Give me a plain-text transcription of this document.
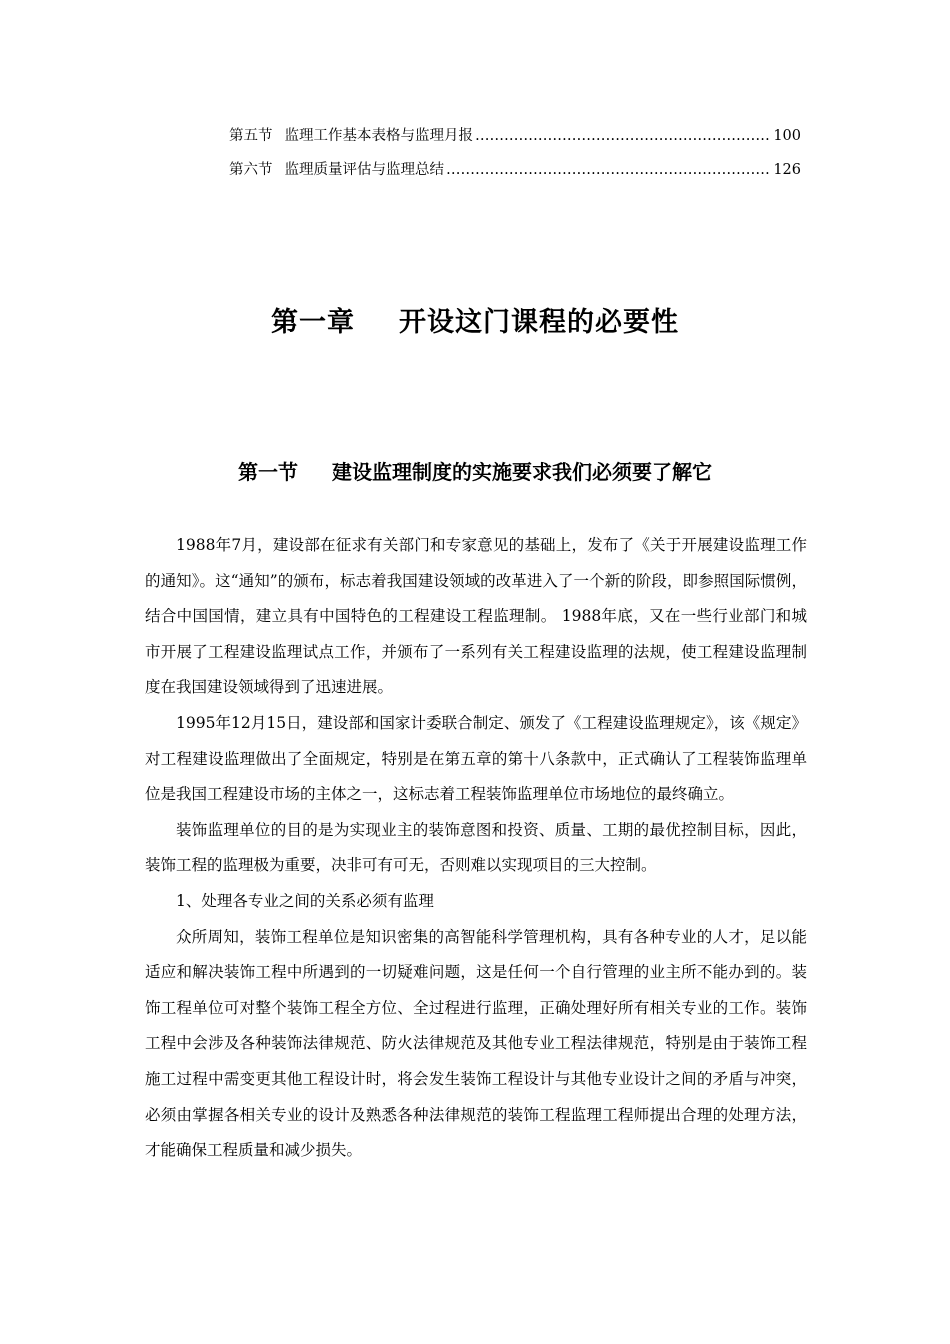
第五节 监理工作基本表格与监理月报 ……………………………………………………………………………………………………………………	100
第六节 监理质量评估与监理总结 ……………………………………………………………………………………………………………………	126
第一章 开设这门课程的必要性
第一节 建设监理制度的实施要求我们必须要了解它

1988年7月，建设部在征求有关部门和专家意见的基础上，发布了《关于开展建设监理工作的通知》。这“通知”的颁布，标志着我国建设领域的改革进入了一个新的阶段，即参照国际惯例，结合中国国情，建立具有中国特色的工程建设工程监理制。 1988年底，又在一些行业部门和城市开展了工程建设监理试点工作，并颁布了一系列有关工程建设监理的法规，使工程建设监理制度在我国建设领域得到了迅速进展。

1995年12月15日，建设部和国家计委联合制定、颁发了《工程建设监理规定》，该《规定》对工程建设监理做出了全面规定，特别是在第五章的第十八条款中，正式确认了工程装饰监理单位是我国工程建设市场的主体之一，这标志着工程装饰监理单位市场地位的最终确立。

装饰监理单位的目的是为实现业主的装饰意图和投资、质量、工期的最优控制目标，因此，装饰工程的监理极为重要，决非可有可无，否则难以实现项目的三大控制。

1、处理各专业之间的关系必须有监理

众所周知，装饰工程单位是知识密集的高智能科学管理机构，具有各种专业的人才，足以能适应和解决装饰工程中所遇到的一切疑难问题，这是任何一个自行管理的业主所不能办到的。装饰工程单位可对整个装饰工程全方位、全过程进行监理，正确处理好所有相关专业的工作。装饰工程中会涉及各种装饰法律规范、防火法律规范及其他专业工程法律规范，特别是由于装饰工程施工过程中需变更其他工程设计时，将会发生装饰工程设计与其他专业设计之间的矛盾与冲突，必须由掌握各相关专业的设计及熟悉各种法律规范的装饰工程监理工程师提出合理的处理方法，才能确保工程质量和减少损失。
